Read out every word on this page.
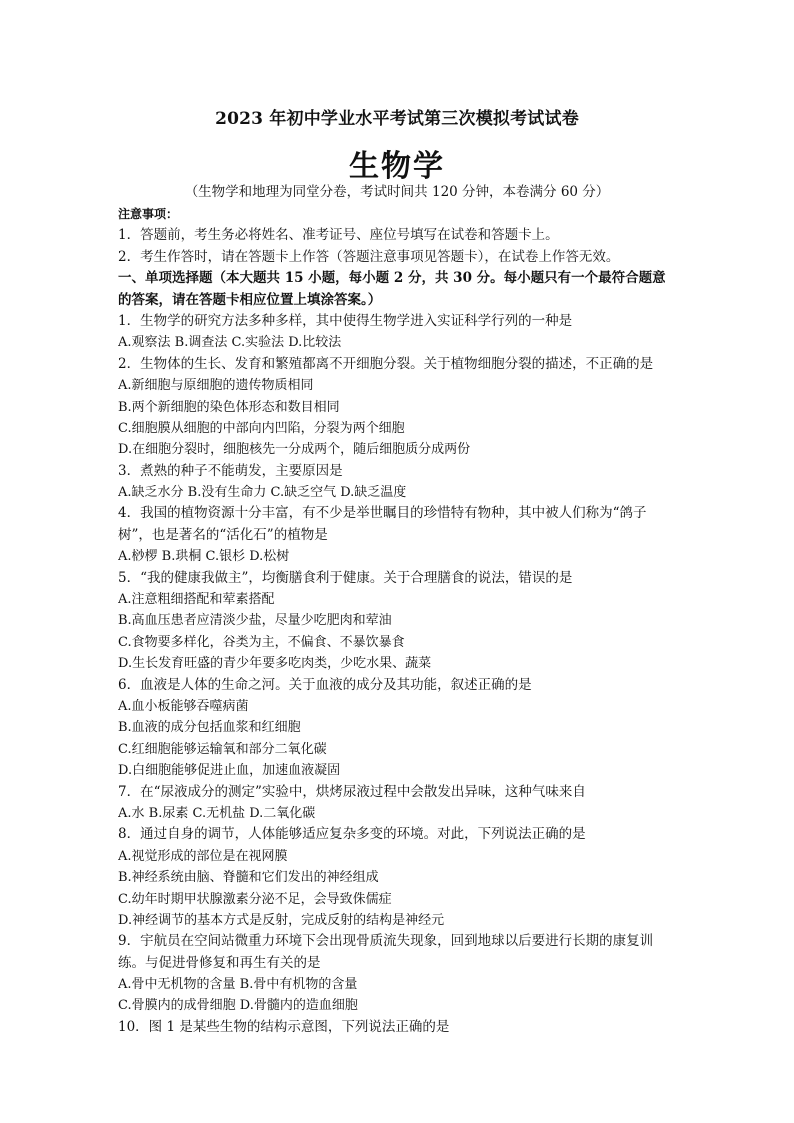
2023 年初中学业水平考试第三次模拟考试试卷
生物学
（生物学和地理为同堂分卷，考试时间共 120 分钟，本卷满分 60 分）
注意事项：
1．答题前，考生务必将姓名、准考证号、座位号填写在试卷和答题卡上。
2．考生作答时，请在答题卡上作答（答题注意事项见答题卡），在试卷上作答无效。
一、单项选择题（本大题共 15 小题，每小题 2 分，共 30 分。每小题只有一个最符合题意
的答案，请在答题卡相应位置上填涂答案。）
1．生物学的研究方法多种多样，其中使得生物学进入实证科学行列的一种是
A.观察法 B.调查法 C.实验法 D.比较法
2．生物体的生长、发育和繁殖都离不开细胞分裂。关于植物细胞分裂的描述，不正确的是
A.新细胞与原细胞的遗传物质相同
B.两个新细胞的染色体形态和数目相同
C.细胞膜从细胞的中部向内凹陷，分裂为两个细胞
D.在细胞分裂时，细胞核先一分成两个，随后细胞质分成两份
3．煮熟的种子不能萌发，主要原因是
A.缺乏水分 B.没有生命力 C.缺乏空气 D.缺乏温度
4．我国的植物资源十分丰富，有不少是举世瞩目的珍惜特有物种，其中被人们称为“鸽子
树”，也是著名的“活化石”的植物是
A.桫椤 B.珙桐 C.银杉 D.松树
5．“我的健康我做主”，均衡膳食利于健康。关于合理膳食的说法，错误的是
A.注意粗细搭配和荤素搭配
B.高血压患者应清淡少盐，尽量少吃肥肉和荤油
C.食物要多样化，谷类为主，不偏食、不暴饮暴食
D.生长发育旺盛的青少年要多吃肉类，少吃水果、蔬菜
6．血液是人体的生命之河。关于血液的成分及其功能，叙述正确的是
A.血小板能够吞噬病菌
B.血液的成分包括血浆和红细胞
C.红细胞能够运输氧和部分二氧化碳
D.白细胞能够促进止血，加速血液凝固
7．在“尿液成分的测定”实验中，烘烤尿液过程中会散发出异味，这种气味来自
A.水 B.尿素 C.无机盐 D.二氧化碳
8．通过自身的调节，人体能够适应复杂多变的环境。对此，下列说法正确的是
A.视觉形成的部位是在视网膜
B.神经系统由脑、脊髓和它们发出的神经组成
C.幼年时期甲状腺激素分泌不足，会导致侏儒症
D.神经调节的基本方式是反射，完成反射的结构是神经元
9．宇航员在空间站微重力环境下会出现骨质流失现象，回到地球以后要进行长期的康复训
练。与促进骨修复和再生有关的是
A.骨中无机物的含量 B.骨中有机物的含量
C.骨膜内的成骨细胞 D.骨髓内的造血细胞
10．图 1 是某些生物的结构示意图，下列说法正确的是
